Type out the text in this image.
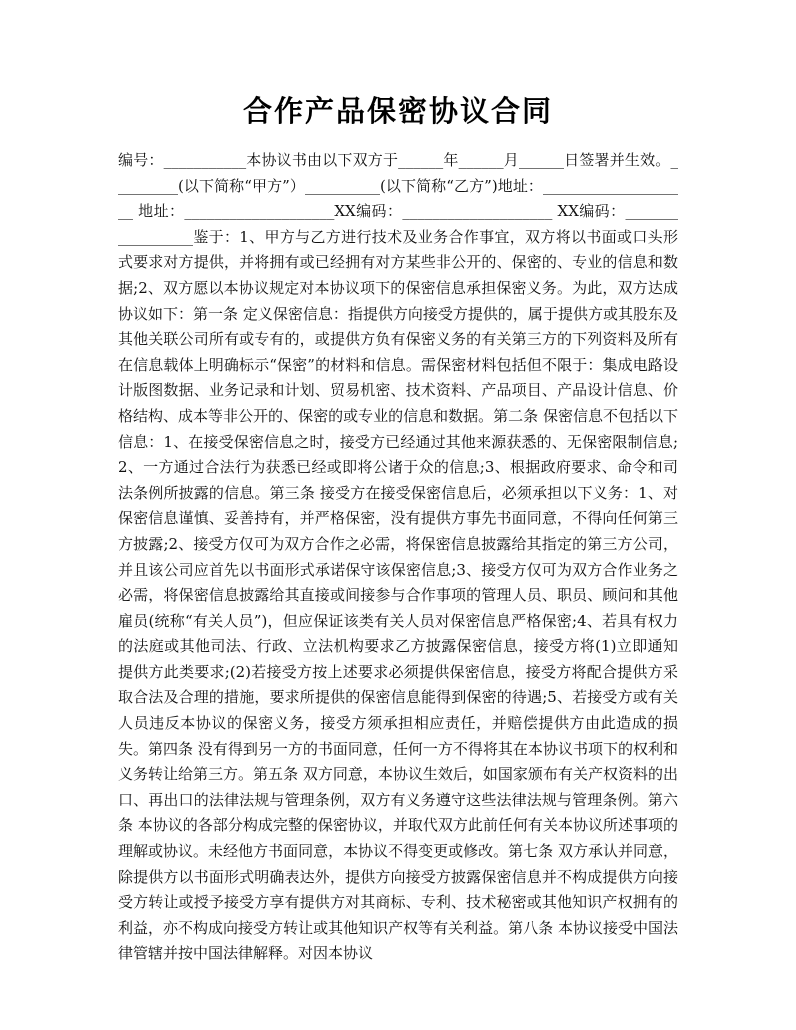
合作产品保密协议合同

编号：___________本协议书由以下双方于______年______月______日签署并生效。_________(以下简称“甲方”）__________(以下简称“乙方”)地址：____________________ 地址：____________________XX编码：____________________ XX编码：_________________鉴于：1、甲方与乙方进行技术及业务合作事宜，双方将以书面或口头形式要求对方提供，并将拥有或已经拥有对方某些非公开的、保密的、专业的信息和数据;2、双方愿以本协议规定对本协议项下的保密信息承担保密义务。为此，双方达成协议如下：第一条 定义保密信息：指提供方向接受方提供的，属于提供方或其股东及其他关联公司所有或专有的，或提供方负有保密义务的有关第三方的下列资料及所有在信息载体上明确标示“保密”的材料和信息。需保密材料包括但不限于：集成电路设计版图数据、业务记录和计划、贸易机密、技术资料、产品项目、产品设计信息、价格结构、成本等非公开的、保密的或专业的信息和数据。第二条 保密信息不包括以下信息：1、在接受保密信息之时，接受方已经通过其他来源获悉的、无保密限制信息;2、一方通过合法行为获悉已经或即将公诸于众的信息;3、根据政府要求、命令和司法条例所披露的信息。第三条 接受方在接受保密信息后，必须承担以下义务：1、对保密信息谨慎、妥善持有，并严格保密，没有提供方事先书面同意，不得向任何第三方披露;2、接受方仅可为双方合作之必需，将保密信息披露给其指定的第三方公司，并且该公司应首先以书面形式承诺保守该保密信息;3、接受方仅可为双方合作业务之必需，将保密信息披露给其直接或间接参与合作事项的管理人员、职员、顾问和其他雇员(统称“有关人员”)，但应保证该类有关人员对保密信息严格保密;4、若具有权力的法庭或其他司法、行政、立法机构要求乙方披露保密信息，接受方将(1)立即通知提供方此类要求;(2)若接受方按上述要求必须提供保密信息，接受方将配合提供方采取合法及合理的措施，要求所提供的保密信息能得到保密的待遇;5、若接受方或有关人员违反本协议的保密义务，接受方须承担相应责任，并赔偿提供方由此造成的损失。第四条 没有得到另一方的书面同意，任何一方不得将其在本协议书项下的权利和义务转让给第三方。第五条 双方同意，本协议生效后，如国家颁布有关产权资料的出口、再出口的法律法规与管理条例，双方有义务遵守这些法律法规与管理条例。第六条 本协议的各部分构成完整的保密协议，并取代双方此前任何有关本协议所述事项的理解或协议。未经他方书面同意，本协议不得变更或修改。第七条 双方承认并同意，除提供方以书面形式明确表达外，提供方向接受方披露保密信息并不构成提供方向接受方转让或授予接受方享有提供方对其商标、专利、技术秘密或其他知识产权拥有的利益，亦不构成向接受方转让或其他知识产权等有关利益。第八条 本协议接受中国法律管辖并按中国法律解释。对因本协议
